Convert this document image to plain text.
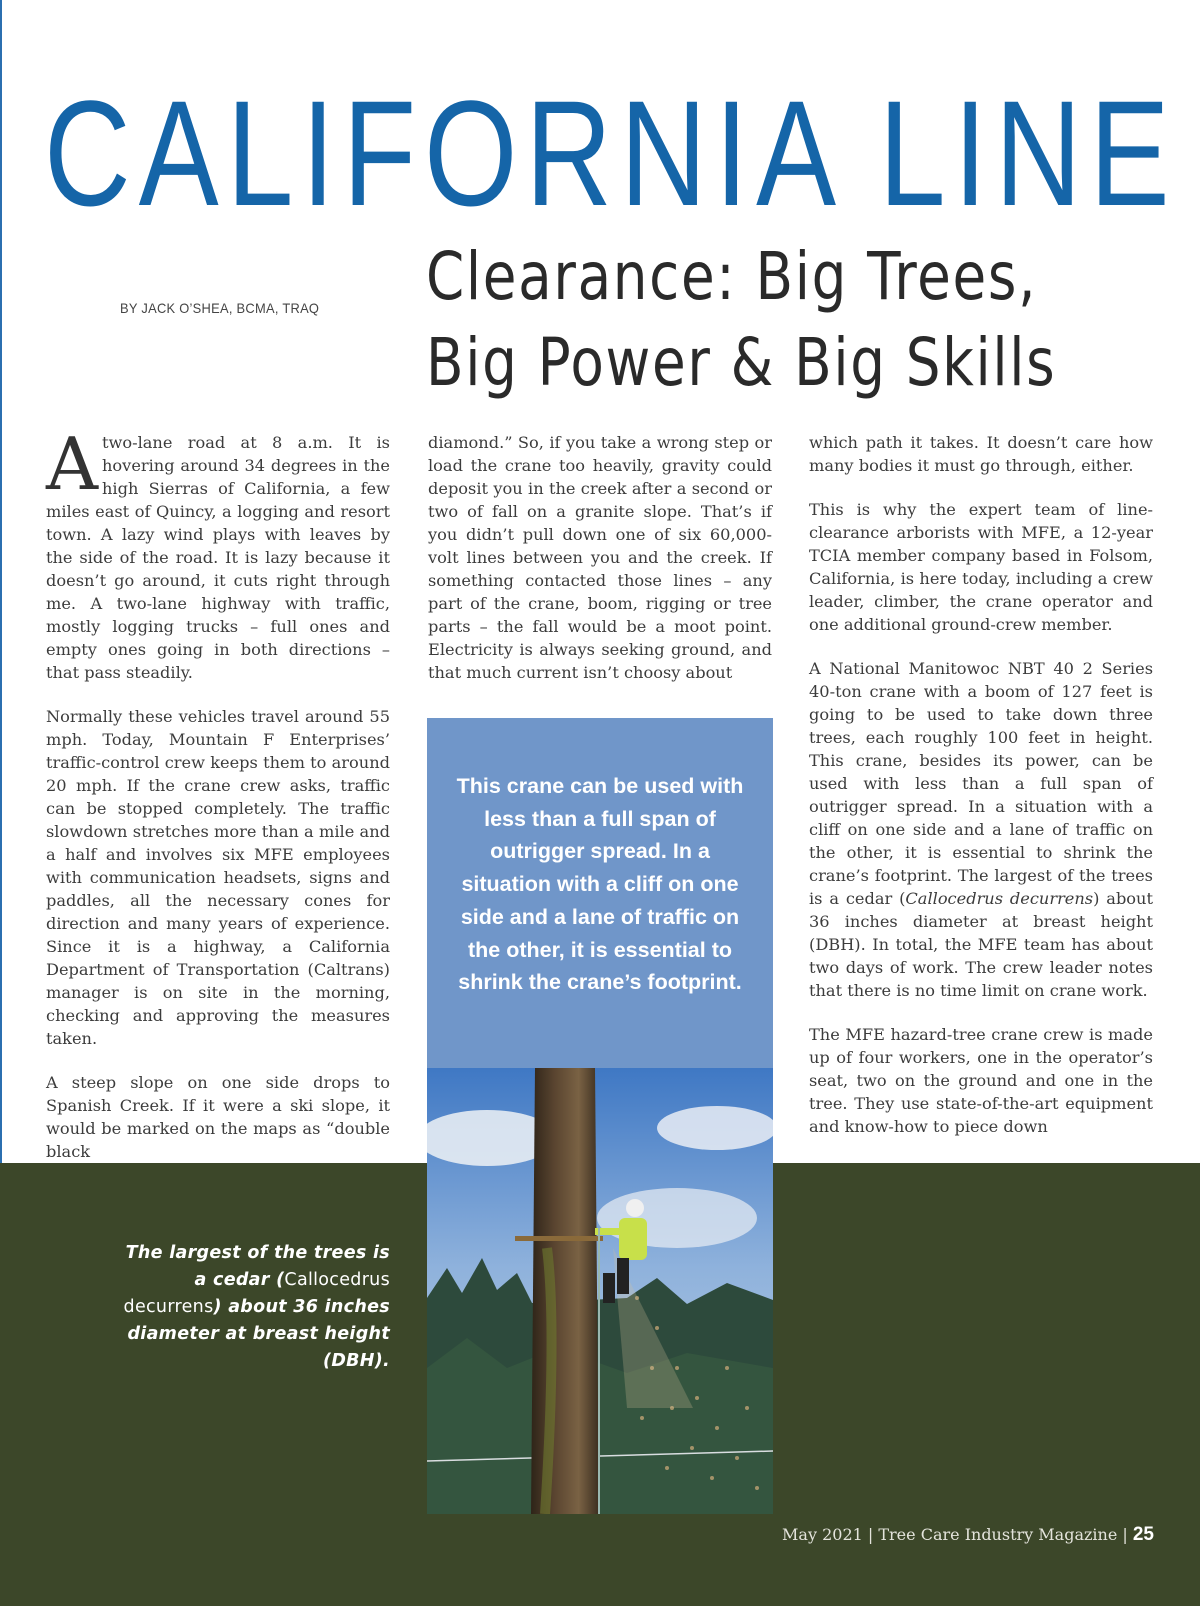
CALIFORNIA LINE
BY JACK O’SHEA, BCMA, TRAQ Clearance: Big Trees,
Big Power & Big Skills

Atwo-lane road at 8 a.m. It is hovering around 34 degrees in the high Sierras of California, a few miles east of Quincy, a logging and resort town. A lazy wind plays with leaves by the side of the road. It is lazy because it doesn’t go around, it cuts right through me. A two-lane highway with traffic, mostly logging trucks – full ones and empty ones going in both directions – that pass steadily.

Normally these vehicles travel around 55 mph. Today, Mountain F Enterprises’ traffic-control crew keeps them to around 20 mph. If the crane crew asks, traffic can be stopped completely. The traffic slowdown stretches more than a mile and a half and involves six MFE employees with communication headsets, signs and paddles, all the necessary cones for direction and many years of experience. Since it is a highway, a California Department of Transportation (Caltrans) manager is on site in the morning, checking and approving the measures taken.

A steep slope on one side drops to Spanish Creek. If it were a ski slope, it would be marked on the maps as “double black

diamond.” So, if you take a wrong step or load the crane too heavily, gravity could deposit you in the creek after a second or two of fall on a granite slope. That’s if you didn’t pull down one of six 60,000-volt lines between you and the creek. If something contacted those lines – any part of the crane, boom, rigging or tree parts – the fall would be a moot point. Electricity is always seeking ground, and that much current isn’t choosy about

which path it takes. It doesn’t care how many bodies it must go through, either.

This is why the expert team of line-clearance arborists with MFE, a 12-year TCIA member company based in Folsom, California, is here today, including a crew leader, climber, the crane operator and one additional ground-crew member.

A National Manitowoc NBT 40 2 Series 40-ton crane with a boom of 127 feet is going to be used to take down three trees, each roughly 100 feet in height. This crane, besides its power, can be used with less than a full span of outrigger spread. In a situation with a cliff on one side and a lane of traffic on the other, it is essential to shrink the crane’s footprint. The largest of the trees is a cedar (Callocedrus decurrens) about 36 inches diameter at breast height (DBH). In total, the MFE team has about two days of work. The crew leader notes that there is no time limit on crane work.

The MFE hazard-tree crane crew is made up of four workers, one in the operator’s seat, two on the ground and one in the tree. They use state-of-the-art equipment and know-how to piece down

This crane can be used with less than a full span of outrigger spread. In a situation with a cliff on one side and a lane of traffic on the other, it is essential to shrink the crane’s footprint.
The largest of the trees is a cedar (Callocedrus decurrens) about 36 inches diameter at breast height (DBH).
May 2021 | Tree Care Industry Magazine | 25
